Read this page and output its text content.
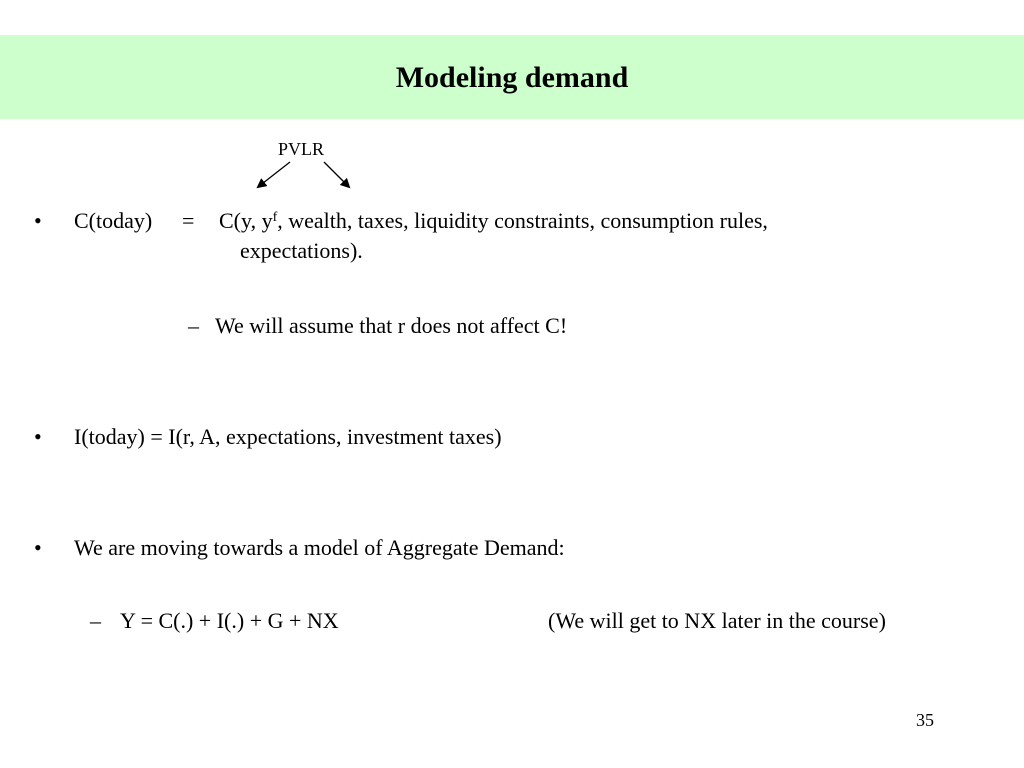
Modeling demand
PVLR
• C(today) = C(y, $y^f$, wealth, taxes, liquidity constraints, consumption rules,
expectations).
– We will assume that r does not affect C!
• I(today) = I(r, A, expectations, investment taxes)
• We are moving towards a model of Aggregate Demand:
– Y = C(.) + I(.) + G + NX	(We will get to NX later in the course)
35
